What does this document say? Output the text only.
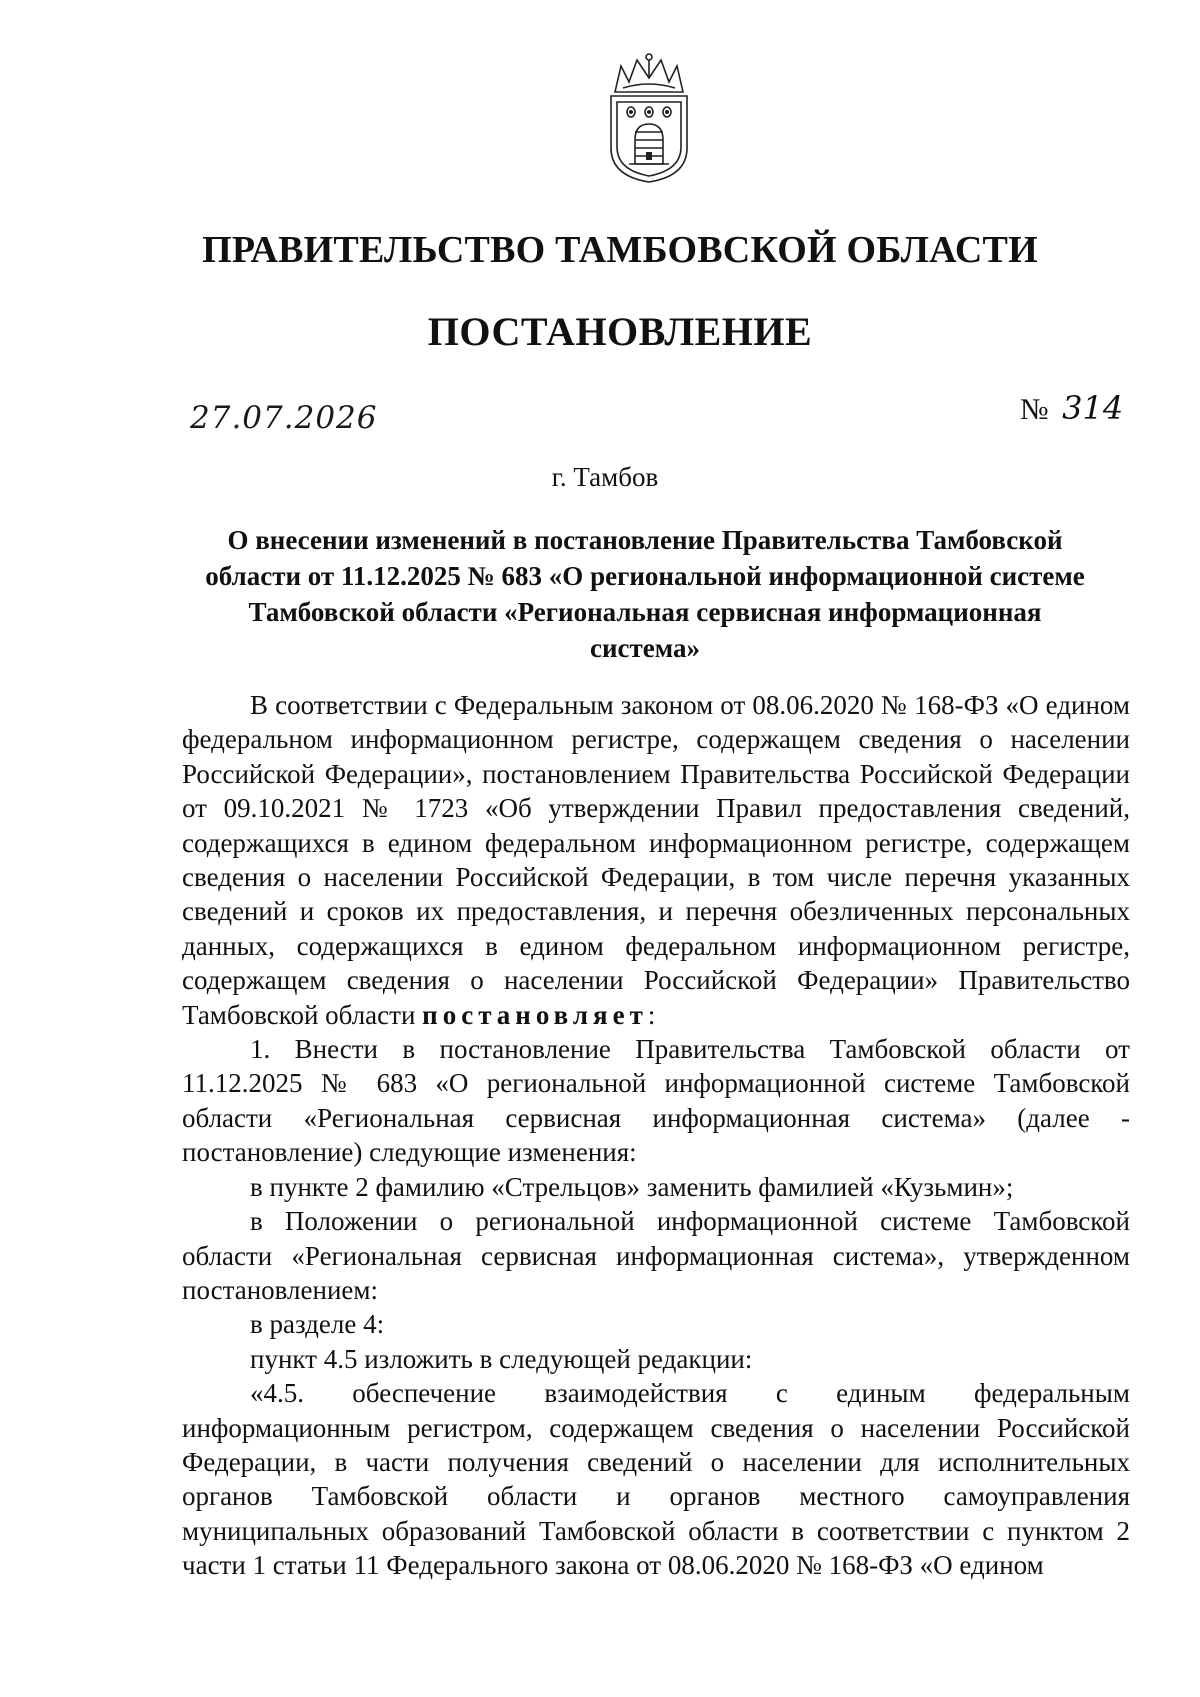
ПРАВИТЕЛЬСТВО ТАМБОВСКОЙ ОБЛАСТИ
ПОСТАНОВЛЕНИЕ
27.07.2026	№ 314
г. Тамбов
О внесении изменений в постановление Правительства Тамбовской области от 11.12.2025 № 683 «О региональной информационной системе Тамбовской области «Региональная сервисная информационная система»

В соответствии с Федеральным законом от 08.06.2020 № 168-ФЗ «О едином федеральном информационном регистре, содержащем сведения о населении Российской Федерации», постановлением Правительства Российской Федерации от 09.10.2021 № 1723 «Об утверждении Правил предоставления сведений, содержащихся в едином федеральном информационном регистре, содержащем сведения о населении Российской Федерации, в том числе перечня указанных сведений и сроков их предоставления, и перечня обезличенных персональных данных, содержащихся в едином федеральном информационном регистре, содержащем сведения о населении Российской Федерации» Правительство Тамбовской области постановляет:

1. Внести в постановление Правительства Тамбовской области от 11.12.2025 № 683 «О региональной информационной системе Тамбовской области «Региональная сервисная информационная система» (далее - постановление) следующие изменения:

в пункте 2 фамилию «Стрельцов» заменить фамилией «Кузьмин»;

в Положении о региональной информационной системе Тамбовской области «Региональная сервисная информационная система», утвержденном постановлением:

в разделе 4:

пункт 4.5 изложить в следующей редакции:

«4.5. обеспечение взаимодействия с единым федеральным информационным регистром, содержащем сведения о населении Российской Федерации, в части получения сведений о населении для исполнительных органов Тамбовской области и органов местного самоуправления муниципальных образований Тамбовской области в соответствии с пунктом 2 части 1 статьи 11 Федерального закона от 08.06.2020 № 168-ФЗ «О едином
